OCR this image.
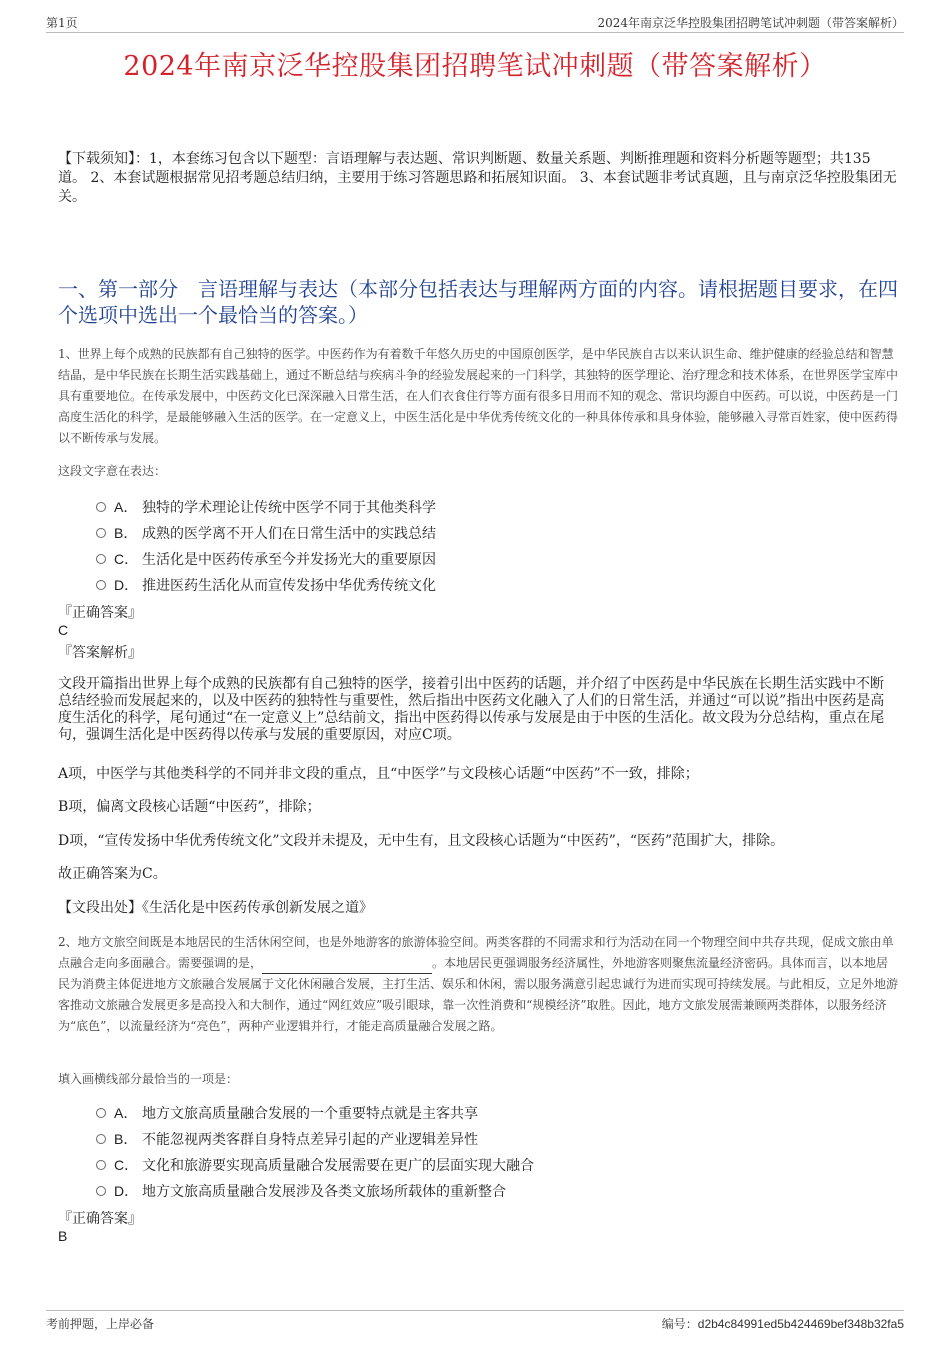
第1页	2024年南京泛华控股集团招聘笔试冲刺题（带答案解析）
2024年南京泛华控股集团招聘笔试冲刺题（带答案解析）
【下载须知】：1，本套练习包含以下题型：言语理解与表达题、常识判断题、数量关系题、判断推理题和资料分析题等题型；共135道。 2、本套试题根据常见招考题总结归纳，主要用于练习答题思路和拓展知识面。 3、本套试题非考试真题，且与南京泛华控股集团无关。
一、第一部分　言语理解与表达（本部分包括表达与理解两方面的内容。请根据题目要求，在四个选项中选出一个最恰当的答案。）
1、世界上每个成熟的民族都有自己独特的医学。中医药作为有着数千年悠久历史的中国原创医学，是中华民族自古以来认识生命、维护健康的经验总结和智慧结晶，是中华民族在长期生活实践基础上，通过不断总结与疾病斗争的经验发展起来的一门科学，其独特的医学理论、治疗理念和技术体系，在世界医学宝库中具有重要地位。在传承发展中，中医药文化已深深融入日常生活，在人们衣食住行等方面有很多日用而不知的观念、常识均源自中医药。可以说，中医药是一门高度生活化的科学，是最能够融入生活的医学。在一定意义上，中医生活化是中华优秀传统文化的一种具体传承和具身体验，能够融入寻常百姓家，使中医药得以不断传承与发展。
这段文字意在表达：
A． 独特的学术理论让传统中医学不同于其他类科学
B． 成熟的医学离不开人们在日常生活中的实践总结
C． 生活化是中医药传承至今并发扬光大的重要原因
D． 推进医药生活化从而宣传发扬中华优秀传统文化
『正确答案』
C
『答案解析』
文段开篇指出世界上每个成熟的民族都有自己独特的医学，接着引出中医药的话题，并介绍了中医药是中华民族在长期生活实践中不断总结经验而发展起来的，以及中医药的独特性与重要性，然后指出中医药文化融入了人们的日常生活，并通过“可以说”指出中医药是高度生活化的科学，尾句通过“在一定意义上”总结前文，指出中医药得以传承与发展是由于中医的生活化。故文段为分总结构，重点在尾句，强调生活化是中医药得以传承与发展的重要原因，对应C项。
A项，中医学与其他类科学的不同并非文段的重点，且“中医学”与文段核心话题“中医药”不一致，排除；
B项，偏离文段核心话题“中医药”，排除；
D项，“宣传发扬中华优秀传统文化”文段并未提及，无中生有，且文段核心话题为“中医药”，“医药”范围扩大，排除。
故正确答案为C。
【文段出处】《生活化是中医药传承创新发展之道》
2、地方文旅空间既是本地居民的生活休闲空间，也是外地游客的旅游体验空间。两类客群的不同需求和行为活动在同一个物理空间中共存共现，促成文旅由单点融合走向多面融合。需要强调的是，	。本地居民更强调服务经济属性，外地游客则聚焦流量经济密码。具体而言，以本地居民为消费主体促进地方文旅融合发展属于文化休闲融合发展，主打生活、娱乐和休闲，需以服务满意引起忠诚行为进而实现可持续发展。与此相反，立足外地游客推动文旅融合发展更多是高投入和大制作，通过“网红效应”吸引眼球，靠一次性消费和“规模经济”取胜。因此，地方文旅发展需兼顾两类群体，以服务经济为“底色”，以流量经济为“亮色”，两种产业逻辑并行，才能走高质量融合发展之路。
填入画横线部分最恰当的一项是：
A． 地方文旅高质量融合发展的一个重要特点就是主客共享
B． 不能忽视两类客群自身特点差异引起的产业逻辑差异性
C． 文化和旅游要实现高质量融合发展需要在更广的层面实现大融合
D． 地方文旅高质量融合发展涉及各类文旅场所载体的重新整合
『正确答案』
B
考前押题，上岸必备	编号：d2b4c84991ed5b424469bef348b32fa5
